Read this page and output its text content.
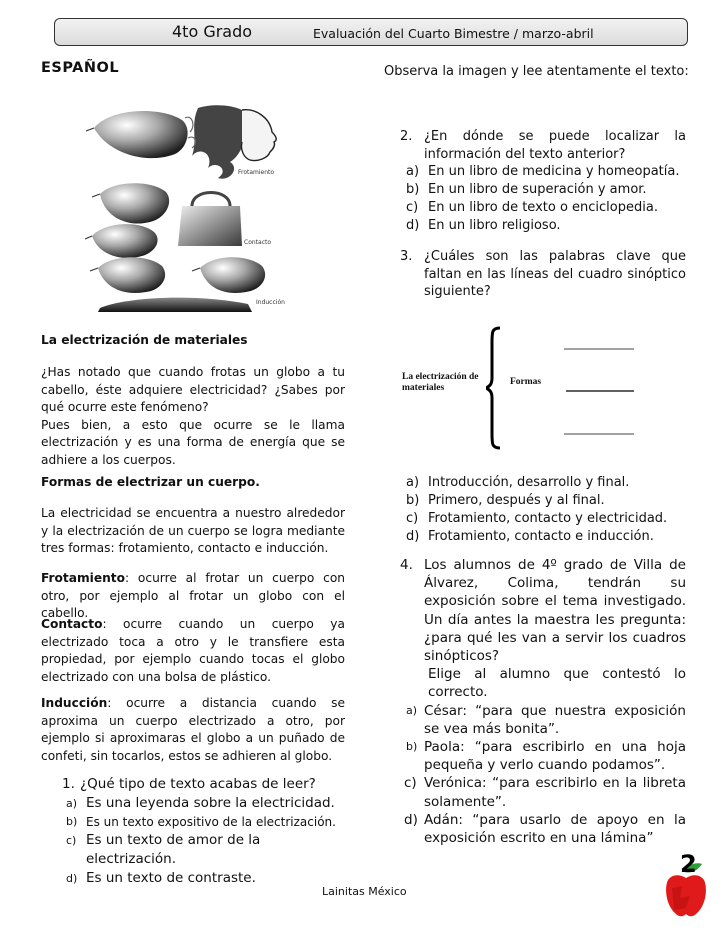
4to Grado	Evaluación del Cuarto Bimestre / marzo-abril
ESPAÑOL	Observa la imagen y lee atentamente el texto:
Frotamiento
Contacto
Inducción
La electrización de materiales
¿Has notado que cuando frotas un globo a tu cabello, éste adquiere electricidad? ¿Sabes por qué ocurre este fenómeno?
Pues bien, a esto que ocurre se le llama electrización y es una forma de energía que se adhiere a los cuerpos.
Formas de electrizar un cuerpo.
La electricidad se encuentra a nuestro alrededor y la electrización de un cuerpo se logra mediante tres formas: frotamiento, contacto e inducción.
Frotamiento: ocurre al frotar un cuerpo con otro, por ejemplo al frotar un globo con el cabello.
Contacto: ocurre cuando un cuerpo ya electrizado toca a otro y le transfiere esta propiedad, por ejemplo cuando tocas el globo electrizado con una bolsa de plástico.
Inducción: ocurre a distancia cuando se aproxima un cuerpo electrizado a otro, por ejemplo si aproximaras el globo a un puñado de confeti, sin tocarlos, estos se adhieren al globo.
1. ¿Qué tipo de texto acabas de leer?
a) Es una leyenda sobre la electricidad.
b) Es un texto expositivo de la electrización.
c) Es un texto de amor de la electrización.
d) Es un texto de contraste.
2. ¿En dónde se puede localizar la información del texto anterior?
a) En un libro de medicina y homeopatía.
b) En un libro de superación y amor.
c) En un libro de texto o enciclopedia.
d) En un libro religioso.
3. ¿Cuáles son las palabras clave que faltan en las líneas del cuadro sinóptico siguiente?
La electrización de materiales
Formas
a) Introducción, desarrollo y final.
b) Primero, después y al final.
c) Frotamiento, contacto y electricidad.
d) Frotamiento, contacto e inducción.
4. Los alumnos de 4º grado de Villa de Álvarez, Colima, tendrán su exposición sobre el tema investigado. Un día antes la maestra les pregunta: ¿para qué les van a servir los cuadros sinópticos?
Elige al alumno que contestó lo correcto.
a) César: “para que nuestra exposición se vea más bonita”.
b) Paola: “para escribirlo en una hoja pequeña y verlo cuando podamos”.
c) Verónica: “para escribirlo en la libreta solamente”.
d) Adán: “para usarlo de apoyo en la exposición escrito en una lámina”
Lainitas México
2
